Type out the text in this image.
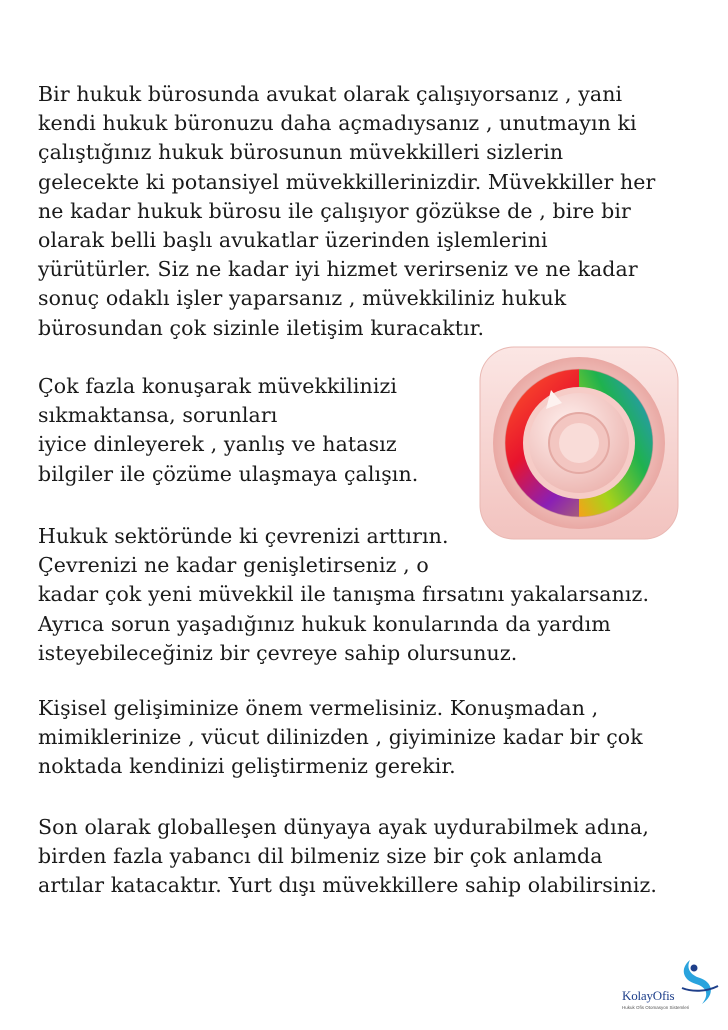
Bir hukuk bürosunda avukat olarak çalışıyorsanız , yani
kendi hukuk büronuzu daha açmadıysanız , unutmayın ki
çalıştığınız hukuk bürosunun müvekkilleri sizlerin
gelecekte ki potansiyel müvekkillerinizdir. Müvekkiller her
ne kadar hukuk bürosu ile çalışıyor gözükse de , bire bir
olarak belli başlı avukatlar üzerinden işlemlerini
yürütürler. Siz ne kadar iyi hizmet verirseniz ve ne kadar
sonuç odaklı işler yaparsanız , müvekkiliniz hukuk
bürosundan çok sizinle iletişim kuracaktır.

Çok fazla konuşarak müvekkilinizi
sıkmaktansa, sorunları
iyice dinleyerek , yanlış ve hatasız
bilgiler ile çözüme ulaşmaya çalışın.

Hukuk sektöründe ki çevrenizi arttırın.
Çevrenizi ne kadar genişletirseniz , o
kadar çok yeni müvekkil ile tanışma fırsatını yakalarsanız.
Ayrıca sorun yaşadığınız hukuk konularında da yardım
isteyebileceğiniz bir çevreye sahip olursunuz.

Kişisel gelişiminize önem vermelisiniz. Konuşmadan ,
mimiklerinize , vücut dilinizden , giyiminize kadar bir çok
noktada kendinizi geliştirmeniz gerekir.

Son olarak globalleşen dünyaya ayak uydurabilmek adına,
birden fazla yabancı dil bilmeniz size bir çok anlamda
artılar katacaktır. Yurt dışı müvekkillere sahip olabilirsiniz.

KolayOfis
Hukuk Ofis Otomasyon Sistemleri
